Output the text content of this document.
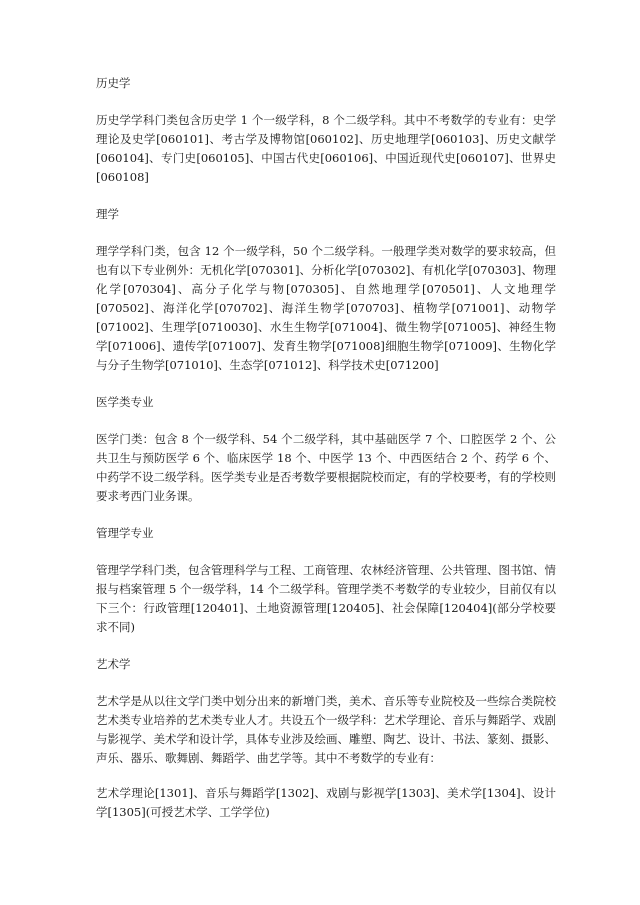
历史学

历史学学科门类包含历史学 1 个一级学科，8 个二级学科。其中不考数学的专业有：史学理论及史学[060101]、考古学及博物馆[060102]、历史地理学[060103]、历史文献学[060104]、专门史[060105]、中国古代史[060106]、中国近现代史[060107]、世界史[060108]

理学

理学学科门类，包含 12 个一级学科，50 个二级学科。一般理学类对数学的要求较高，但也有以下专业例外：无机化学[070301]、分析化学[070302]、有机化学[070303]、物理化学[070304]、高分子化学与物[070305]、自然地理学[070501]、人文地理学[070502]、海洋化学[070702]、海洋生物学[070703]、植物学[071001]、动物学[071002]、生理学[0710030]、水生生物学[071004]、微生物学[071005]、神经生物学[071006]、遗传学[071007]、发育生物学[071008]细胞生物学[071009]、生物化学与分子生物学[071010]、生态学[071012]、科学技术史[071200]

医学类专业

医学门类：包含 8 个一级学科、54 个二级学科，其中基础医学 7 个、口腔医学 2 个、公共卫生与预防医学 6 个、临床医学 18 个、中医学 13 个、中西医结合 2 个、药学 6 个、中药学不设二级学科。医学类专业是否考数学要根据院校而定，有的学校要考，有的学校则要求考西门业务课。

管理学专业

管理学学科门类，包含管理科学与工程、工商管理、农林经济管理、公共管理、图书馆、情报与档案管理 5 个一级学科，14 个二级学科。管理学类不考数学的专业较少，目前仅有以下三个：行政管理[120401]、土地资源管理[120405]、社会保障[120404](部分学校要求不同)

艺术学

艺术学是从以往文学门类中划分出来的新增门类，美术、音乐等专业院校及一些综合类院校艺术类专业培养的艺术类专业人才。共设五个一级学科：艺术学理论、音乐与舞蹈学、戏剧与影视学、美术学和设计学，具体专业涉及绘画、雕塑、陶艺、设计、书法、篆刻、摄影、声乐、器乐、歌舞剧、舞蹈学、曲艺学等。其中不考数学的专业有：

艺术学理论[1301]、音乐与舞蹈学[1302]、戏剧与影视学[1303]、美术学[1304]、设计学[1305](可授艺术学、工学学位)
